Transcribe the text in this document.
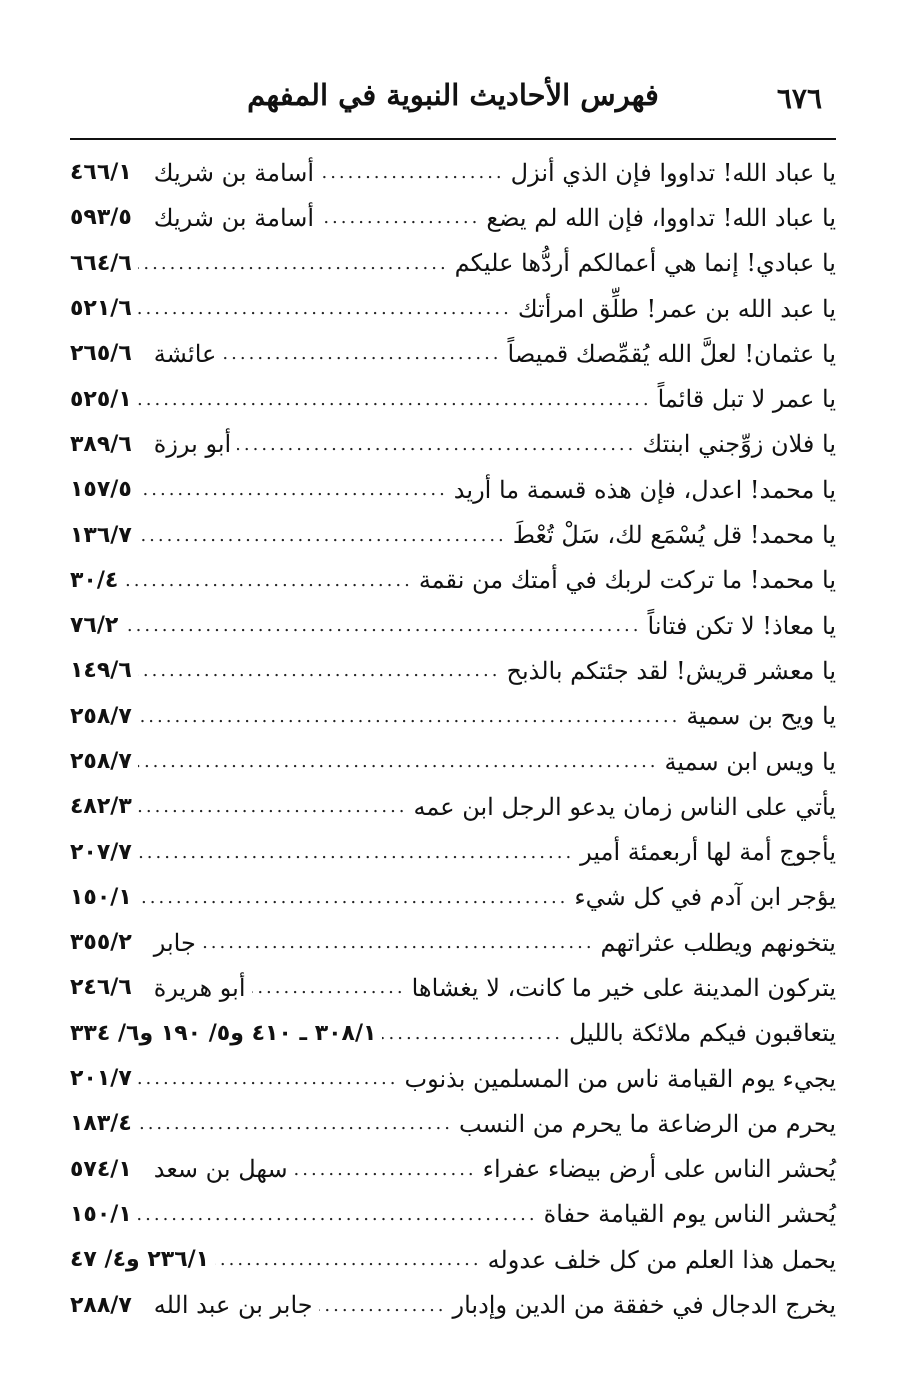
٦٧٦
فهرس الأحاديث النبوية في المفهم
يا عباد الله! تداووا فإن الذي أنزل
.....
أسامة بن شريك
٤٦٦/١
يا عباد الله! تداووا، فإن الله لم يضع
.....
أسامة بن شريك
٥٩٣/٥
يا عبادي! إنما هي أعمالكم أردُّها عليكم
.....
٦٦٤/٦
يا عبد الله بن عمر! طلِّق امرأتك
.....
٥٢١/٦
يا عثمان! لعلَّ الله يُقمِّصك قميصاً
.....
عائشة
٢٦٥/٦
يا عمر لا تبل قائماً
.....
٥٢٥/١
يا فلان زوِّجني ابنتك
.....
أبو برزة
٣٨٩/٦
يا محمد! اعدل، فإن هذه قسمة ما أريد
.....
١٥٧/٥
يا محمد! قل يُسْمَع لك، سَلْ تُعْطَ
.....
١٣٦/٧
يا محمد! ما تركت لربك في أمتك من نقمة
.....
٣٠/٤
يا معاذ! لا تكن فتاناً
.....
٧٦/٢
يا معشر قريش! لقد جئتكم بالذبح
.....
١٤٩/٦
يا ويح بن سمية
.....
٢٥٨/٧
يا ويس ابن سمية
.....
٢٥٨/٧
يأتي على الناس زمان يدعو الرجل ابن عمه
.....
٤٨٢/٣
يأجوج أمة لها أربعمئة أمير
.....
٢٠٧/٧
يؤجر ابن آدم في كل شيء
.....
١٥٠/١
يتخونهم ويطلب عثراتهم
.....
جابر
٣٥٥/٢
يتركون المدينة على خير ما كانت، لا يغشاها
.....
أبو هريرة
٢٤٦/٦
يتعاقبون فيكم ملائكة بالليل
.....
٣٠٨/١ ـ ٤١٠ و٥/ ١٩٠ و٦/ ٣٣٤
يجيء يوم القيامة ناس من المسلمين بذنوب
.....
٢٠١/٧
يحرم من الرضاعة ما يحرم من النسب
.....
١٨٣/٤
يُحشر الناس على أرض بيضاء عفراء
.....
سهل بن سعد
٥٧٤/١
يُحشر الناس يوم القيامة حفاة
.....
١٥٠/١
يحمل هذا العلم من كل خلف عدوله
.....
٢٣٦/١ و٤/ ٤٧
يخرج الدجال في خفقة من الدين وإدبار
.....
جابر بن عبد الله
٢٨٨/٧
